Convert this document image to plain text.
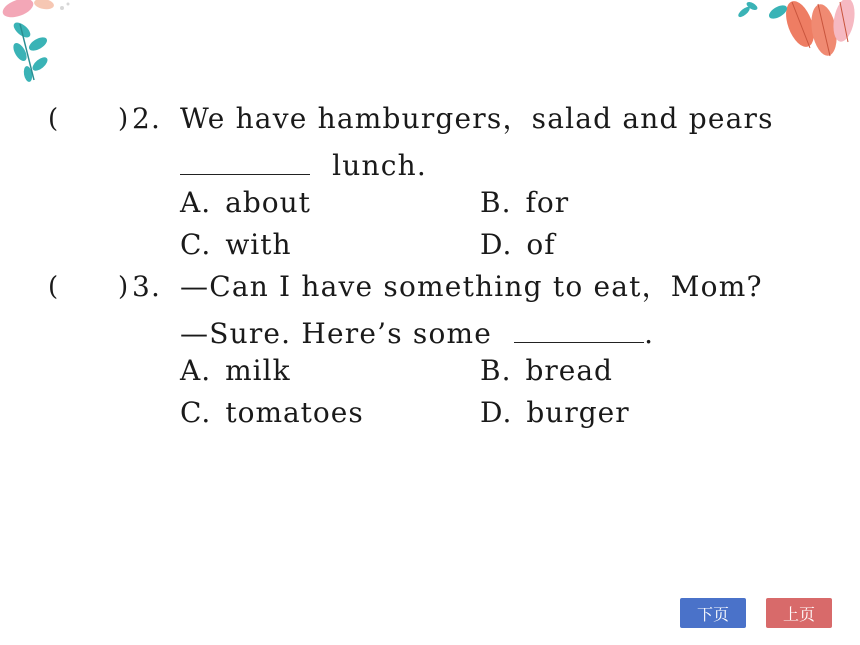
( ) 2. We have hamburgers，salad and pears
lunch.
A. about	B. for
C. with	D. of
( ) 3. —Can I have something to eat，Mom?
—Sure. Here’s some	.
A. milk	B. bread
C. tomatoes	D. burger
下页	上页
